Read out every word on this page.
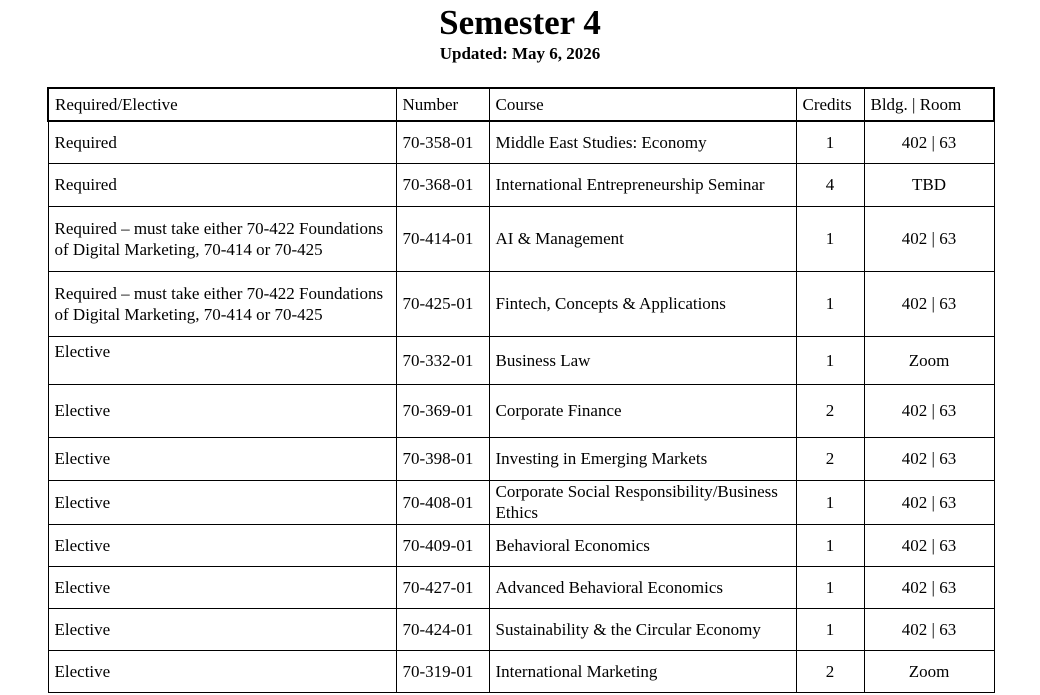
Semester 4
Updated: May 6, 2026
Required/Elective	Number	Course	Credits	Bldg. | Room
Required	70-358-01	Middle East Studies: Economy	1	402 | 63
Required	70-368-01	International Entrepreneurship Seminar	4	TBD
Required – must take either 70-422 Foundations of Digital Marketing, 70-414 or 70-425	70-414-01	AI & Management	1	402 | 63
Required – must take either 70-422 Foundations of Digital Marketing, 70-414 or 70-425	70-425-01	Fintech, Concepts & Applications	1	402 | 63
Elective	70-332-01	Business Law	1	Zoom
Elective	70-369-01	Corporate Finance	2	402 | 63
Elective	70-398-01	Investing in Emerging Markets	2	402 | 63
Elective	70-408-01	Corporate Social Responsibility/Business Ethics	1	402 | 63
Elective	70-409-01	Behavioral Economics	1	402 | 63
Elective	70-427-01	Advanced Behavioral Economics	1	402 | 63
Elective	70-424-01	Sustainability & the Circular Economy	1	402 | 63
Elective	70-319-01	International Marketing	2	Zoom
